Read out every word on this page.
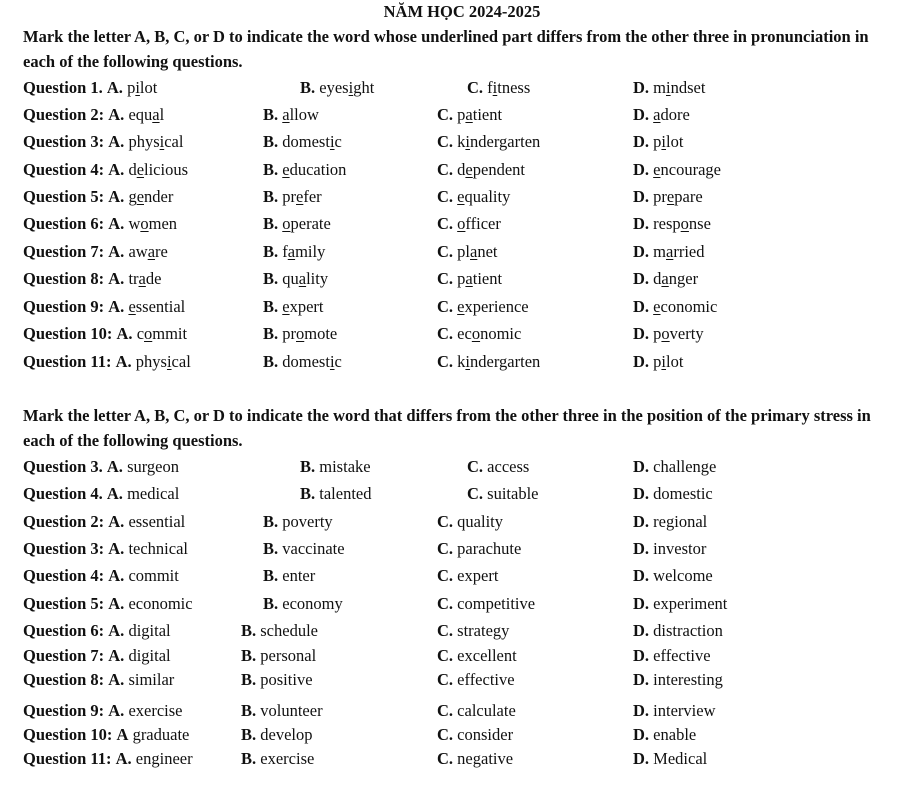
NĂM HỌC 2024-2025
Mark the letter A, B, C, or D to indicate the word whose underlined part differs from the other three in pronunciation in each of the following questions.
Question 1. A. pilot	B. eyesight	C. fitness	D. mindset
Question 2: A. equal	B. allow	C. patient	D. adore
Question 3: A. physical	B. domestic	C. kindergarten	D. pilot
Question 4: A. delicious	B. education	C. dependent	D. encourage
Question 5: A. gender	B. prefer	C. equality	D. prepare
Question 6: A. women	B. operate	C. officer	D. response
Question 7: A. aware	B. family	C. planet	D. married
Question 8: A. trade	B. quality	C. patient	D. danger
Question 9: A. essential	B. expert	C. experience	D. economic
Question 10: A. commit	B. promote	C. economic	D. poverty
Question 11: A. physical	B. domestic	C. kindergarten	D. pilot
Mark the letter A, B, C, or D to indicate the word that differs from the other three in the position of the primary stress in each of the following questions.
Question 3. A. surgeon	B. mistake	C. access	D. challenge
Question 4. A. medical	B. talented	C. suitable	D. domestic
Question 2: A. essential	B. poverty	C. quality	D. regional
Question 3: A. technical	B. vaccinate	C. parachute	D. investor
Question 4: A. commit	B. enter	C. expert	D. welcome
Question 5: A. economic	B. economy	C. competitive	D. experiment
Question 6: A. digital	B. schedule	C. strategy	D. distraction
Question 7: A. digital	B. personal	C. excellent	D. effective
Question 8: A. similar	B. positive	C. effective	D. interesting
Question 9: A. exercise	B. volunteer	C. calculate	D. interview
Question 10: A graduate	B. develop	C. consider	D. enable
Question 11: A. engineer	B. exercise	C. negative	D. Medical
